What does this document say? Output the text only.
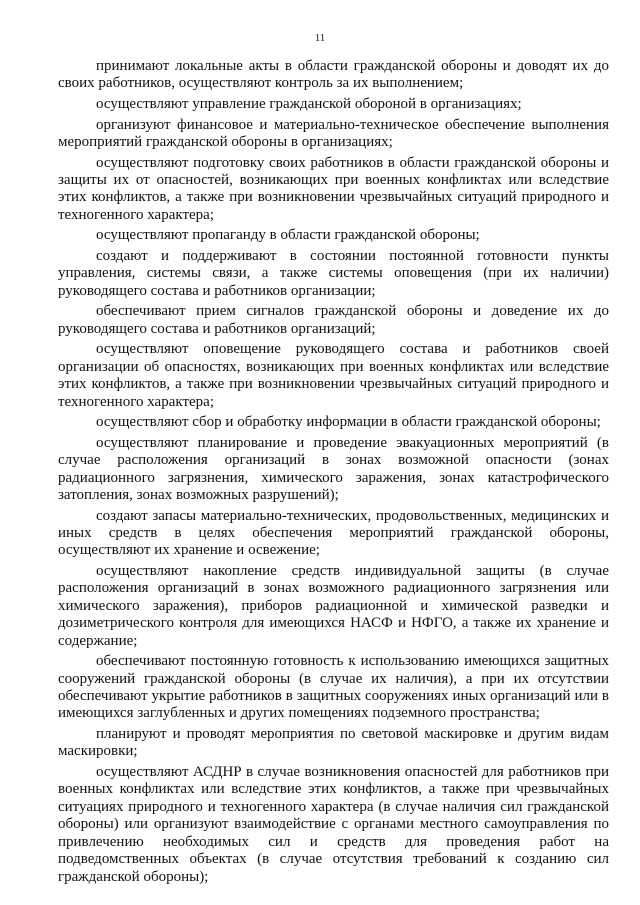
11

принимают локальные акты в области гражданской обороны и доводят их до своих работников, осуществляют контроль за их выполнением;

осуществляют управление гражданской обороной в организациях;

организуют финансовое и материально-техническое обеспечение выполнения мероприятий гражданской обороны в организациях;

осуществляют подготовку своих работников в области гражданской обороны и защиты их от опасностей, возникающих при военных конфликтах или вследствие этих конфликтов, а также при возникновении чрезвычайных ситуаций природного и техногенного характера;

осуществляют пропаганду в области гражданской обороны;

создают и поддерживают в состоянии постоянной готовности пункты управления, системы связи, а также системы оповещения (при их наличии) руководящего состава и работников организации;

обеспечивают прием сигналов гражданской обороны и доведение их до руководящего состава и работников организаций;

осуществляют оповещение руководящего состава и работников своей организации об опасностях, возникающих при военных конфликтах или вследствие этих конфликтов, а также при возникновении чрезвычайных ситуаций природного и техногенного характера;

осуществляют сбор и обработку информации в области гражданской обороны;

осуществляют планирование и проведение эвакуационных мероприятий (в случае расположения организаций в зонах возможной опасности (зонах радиационного загрязнения, химического заражения, зонах катастрофического затопления, зонах возможных разрушений);

создают запасы материально-технических, продовольственных, медицинских и иных средств в целях обеспечения мероприятий гражданской обороны, осуществляют их хранение и освежение;

осуществляют накопление средств индивидуальной защиты (в случае расположения организаций в зонах возможного радиационного загрязнения или химического заражения), приборов радиационной и химической разведки и дозиметрического контроля для имеющихся НАСФ и НФГО, а также их хранение и содержание;

обеспечивают постоянную готовность к использованию имеющихся защитных сооружений гражданской обороны (в случае их наличия), а при их отсутствии обеспечивают укрытие работников в защитных сооружениях иных организаций или в имеющихся заглубленных и других помещениях подземного пространства;

планируют и проводят мероприятия по световой маскировке и другим видам маскировки;

осуществляют АСДНР в случае возникновения опасностей для работников при военных конфликтах или вследствие этих конфликтов, а также при чрезвычайных ситуациях природного и техногенного характера (в случае наличия сил гражданской обороны) или организуют взаимодействие с органами местного самоуправления по привлечению необходимых сил и средств для проведения работ на подведомственных объектах (в случае отсутствия требований к созданию сил гражданской обороны);
